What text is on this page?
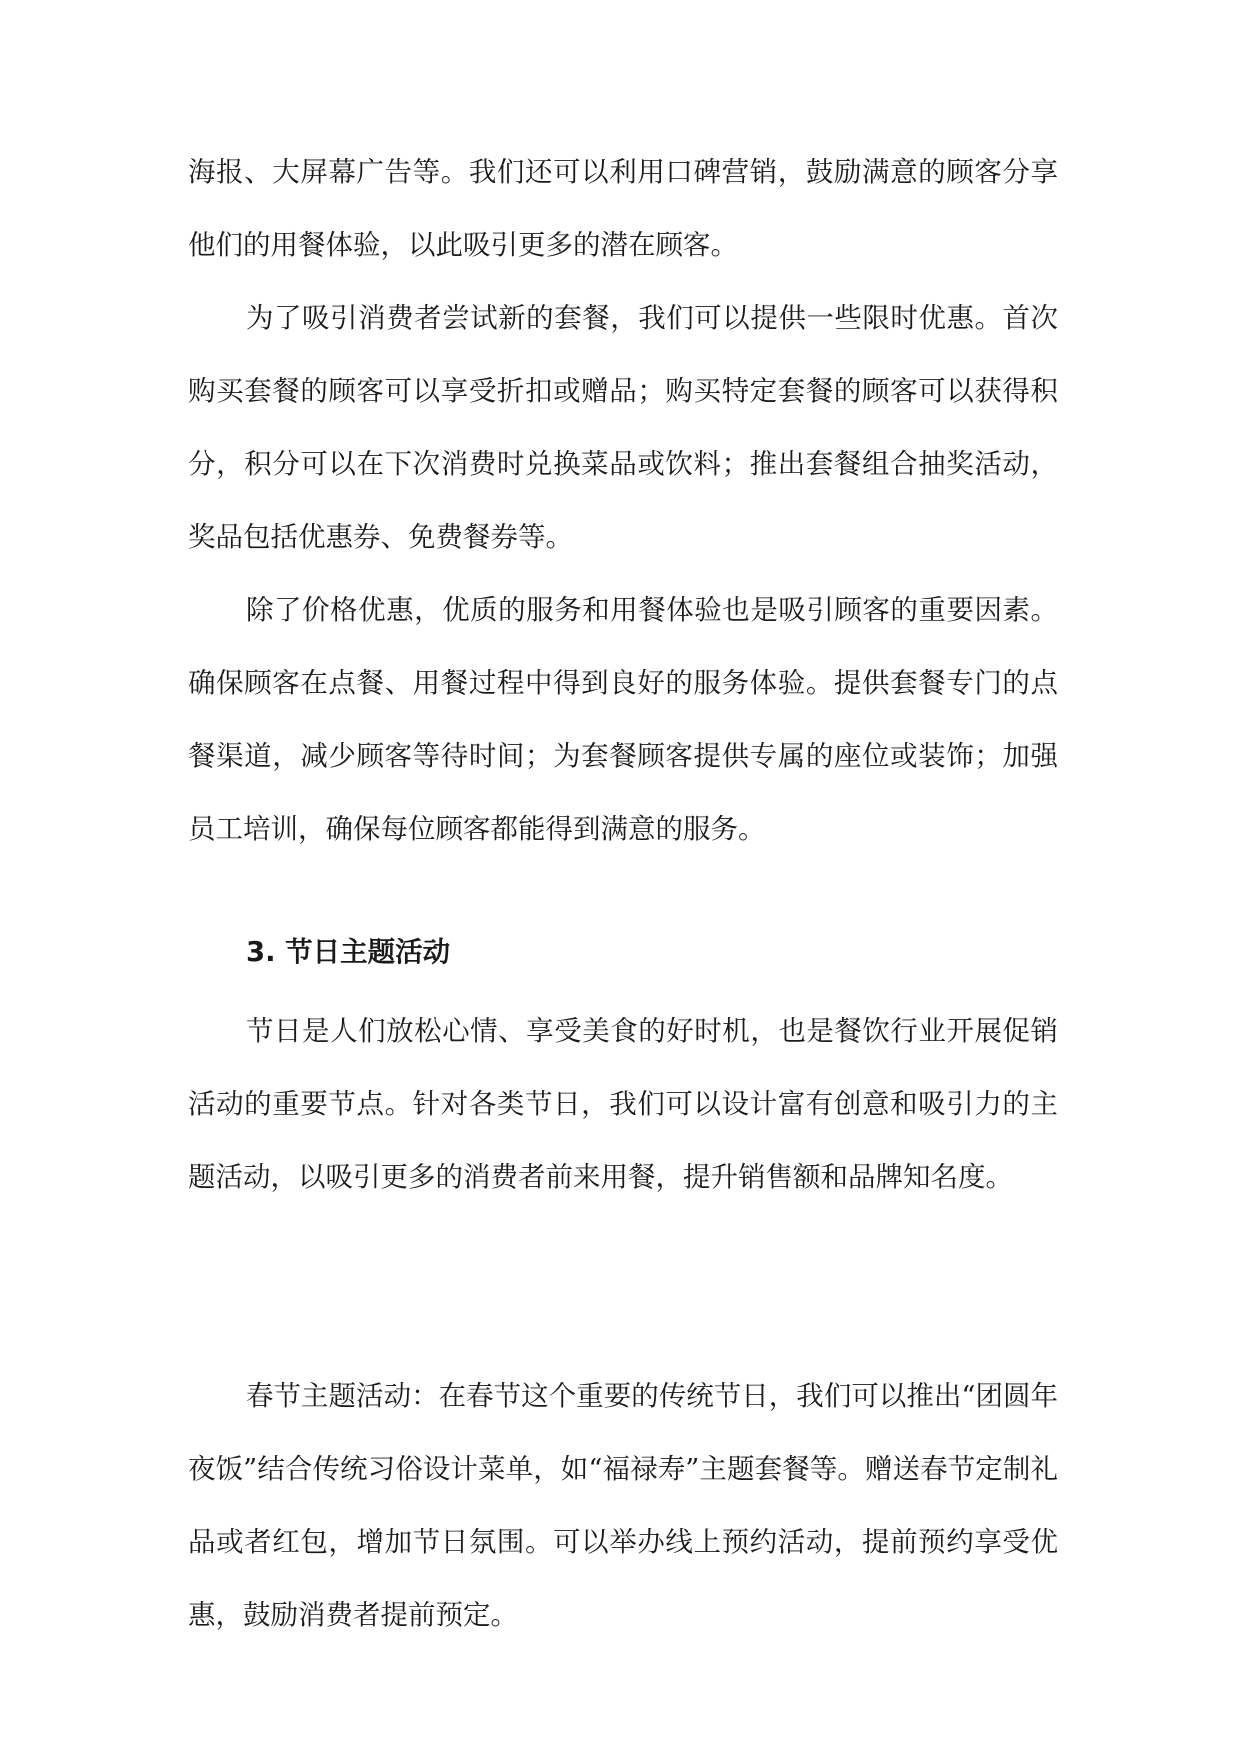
海报、大屏幕广告等。我们还可以利用口碑营销，鼓励满意的顾客分享他们的用餐体验，以此吸引更多的潜在顾客。

为了吸引消费者尝试新的套餐，我们可以提供一些限时优惠。首次购买套餐的顾客可以享受折扣或赠品；购买特定套餐的顾客可以获得积分，积分可以在下次消费时兑换菜品或饮料；推出套餐组合抽奖活动，奖品包括优惠券、免费餐券等。

除了价格优惠，优质的服务和用餐体验也是吸引顾客的重要因素。确保顾客在点餐、用餐过程中得到良好的服务体验。提供套餐专门的点餐渠道，减少顾客等待时间；为套餐顾客提供专属的座位或装饰；加强员工培训，确保每位顾客都能得到满意的服务。

3. 节日主题活动

节日是人们放松心情、享受美食的好时机，也是餐饮行业开展促销活动的重要节点。针对各类节日，我们可以设计富有创意和吸引力的主题活动，以吸引更多的消费者前来用餐，提升销售额和品牌知名度。

春节主题活动：在春节这个重要的传统节日，我们可以推出“团圆年夜饭”结合传统习俗设计菜单，如“福禄寿”主题套餐等。赠送春节定制礼品或者红包，增加节日氛围。可以举办线上预约活动，提前预约享受优惠，鼓励消费者提前预定。
